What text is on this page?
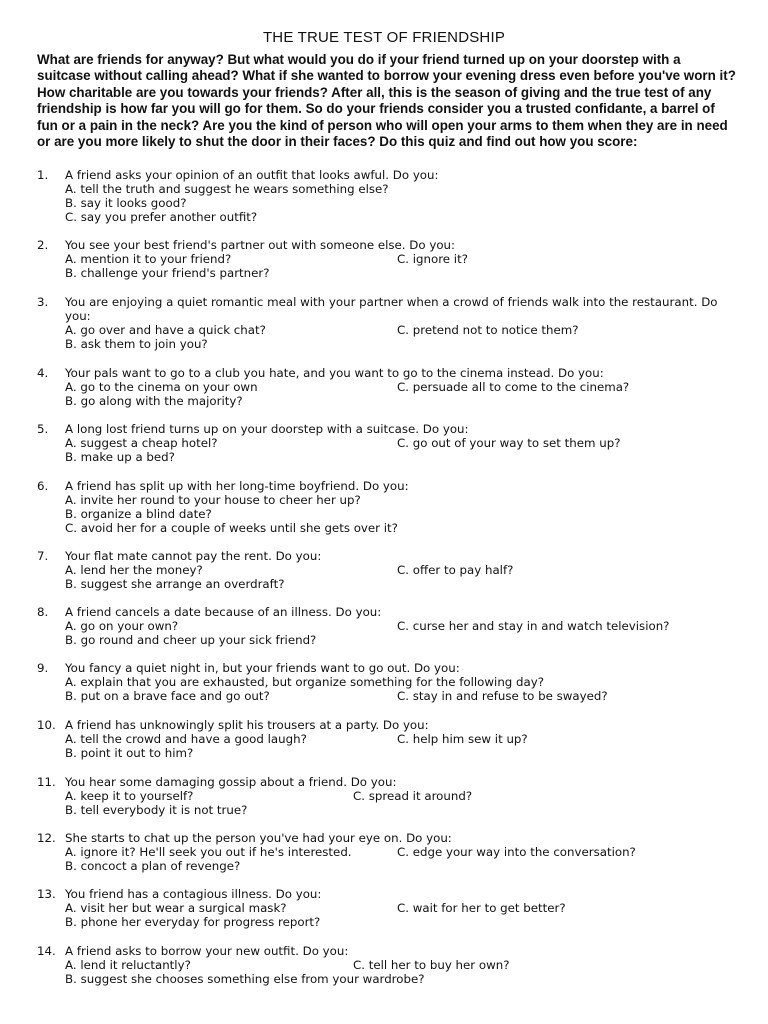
THE TRUE TEST OF FRIENDSHIP

What are friends for anyway? But what would you do if your friend turned up on your doorstep with a suitcase without calling ahead? What if she wanted to borrow your evening dress even before you've worn it? How charitable are you towards your friends? After all, this is the season of giving and the true test of any friendship is how far you will go for them. So do your friends consider you a trusted confidante, a barrel of fun or a pain in the neck? Are you the kind of person who will open your arms to them when they are in need or are you more likely to shut the door in their faces? Do this quiz and find out how you score:

1. A friend asks your opinion of an outfit that looks awful. Do you:
A. tell the truth and suggest he wears something else?
B. say it looks good?
C. say you prefer another outfit?
2. You see your best friend's partner out with someone else. Do you:
A. mention it to your friend?	C. ignore it?
B. challenge your friend's partner?
3. You are enjoying a quiet romantic meal with your partner when a crowd of friends walk into the restaurant. Do you:
A. go over and have a quick chat?	C. pretend not to notice them?
B. ask them to join you?
4. Your pals want to go to a club you hate, and you want to go to the cinema instead. Do you:
A. go to the cinema on your own	C. persuade all to come to the cinema?
B. go along with the majority?
5. A long lost friend turns up on your doorstep with a suitcase. Do you:
A. suggest a cheap hotel?	C. go out of your way to set them up?
B. make up a bed?
6. A friend has split up with her long-time boyfriend. Do you:
A. invite her round to your house to cheer her up?
B. organize a blind date?
C. avoid her for a couple of weeks until she gets over it?
7. Your flat mate cannot pay the rent. Do you:
A. lend her the money?	C. offer to pay half?
B. suggest she arrange an overdraft?
8. A friend cancels a date because of an illness. Do you:
A. go on your own?	C. curse her and stay in and watch television?
B. go round and cheer up your sick friend?
9. You fancy a quiet night in, but your friends want to go out. Do you:
A. explain that you are exhausted, but organize something for the following day?
B. put on a brave face and go out?	C. stay in and refuse to be swayed?
10. A friend has unknowingly split his trousers at a party. Do you:
A. tell the crowd and have a good laugh?	C. help him sew it up?
B. point it out to him?
11. You hear some damaging gossip about a friend. Do you:
A. keep it to yourself?	C. spread it around?
B. tell everybody it is not true?
12. She starts to chat up the person you've had your eye on. Do you:
A. ignore it? He'll seek you out if he's interested.	C. edge your way into the conversation?
B. concoct a plan of revenge?
13. You friend has a contagious illness. Do you:
A. visit her but wear a surgical mask?	C. wait for her to get better?
B. phone her everyday for progress report?
14. A friend asks to borrow your new outfit. Do you:
A. lend it reluctantly?	C. tell her to buy her own?
B. suggest she chooses something else from your wardrobe?
